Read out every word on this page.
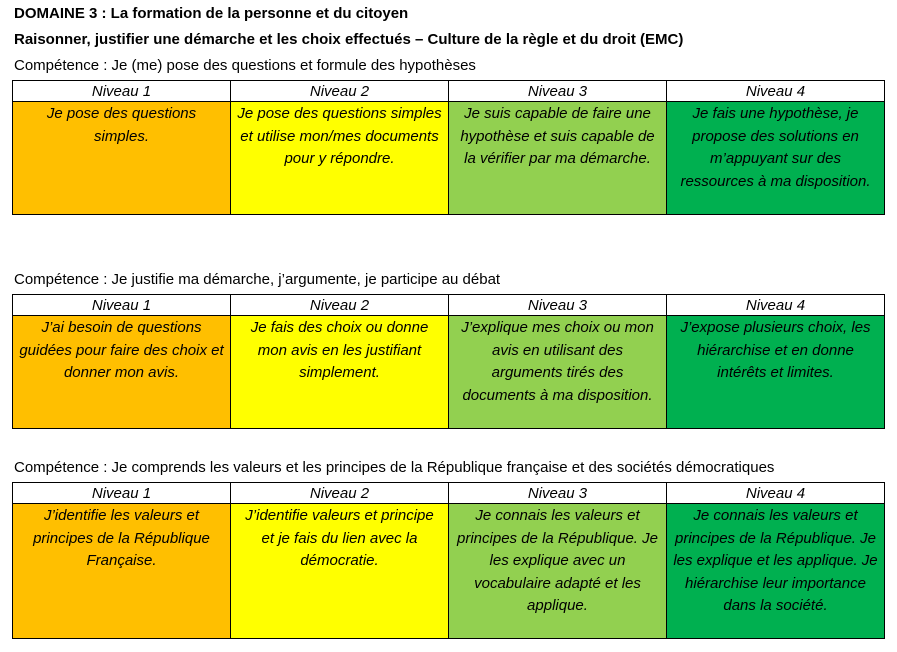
DOMAINE 3 : La formation de la personne et du citoyen
Raisonner, justifier une démarche et les choix effectués – Culture de la règle et du droit (EMC)
Compétence : Je (me) pose des questions et formule des hypothèses
Niveau 1	Niveau 2	Niveau 3	Niveau 4

Je pose des questions simples.	Je pose des questions simples et utilise mon/mes documents pour y répondre.	Je suis capable de faire une hypothèse et suis capable de la vérifier par ma démarche.	Je fais une hypothèse, je propose des solutions en m’appuyant sur des ressources à ma disposition.
Compétence : Je justifie ma démarche, j’argumente, je participe au débat
Niveau 1	Niveau 2	Niveau 3	Niveau 4
J’ai besoin de questions guidées pour faire des choix et donner mon avis.	Je fais des choix ou donne mon avis en les justifiant simplement.	J’explique mes choix ou mon avis en utilisant des arguments tirés des documents à ma disposition.	J’expose plusieurs choix, les hiérarchise et en donne intérêts et limites.
Compétence : Je comprends les valeurs et les principes de la République française et des sociétés démocratiques
Niveau 1	Niveau 2	Niveau 3	Niveau 4
J’identifie les valeurs et principes de la République Française.	J’identifie valeurs et principe et je fais du lien avec la démocratie.	Je connais les valeurs et principes de la République. Je les explique avec un vocabulaire adapté et les applique.	Je connais les valeurs et principes de la République. Je les explique et les applique. Je hiérarchise leur importance dans la société.
